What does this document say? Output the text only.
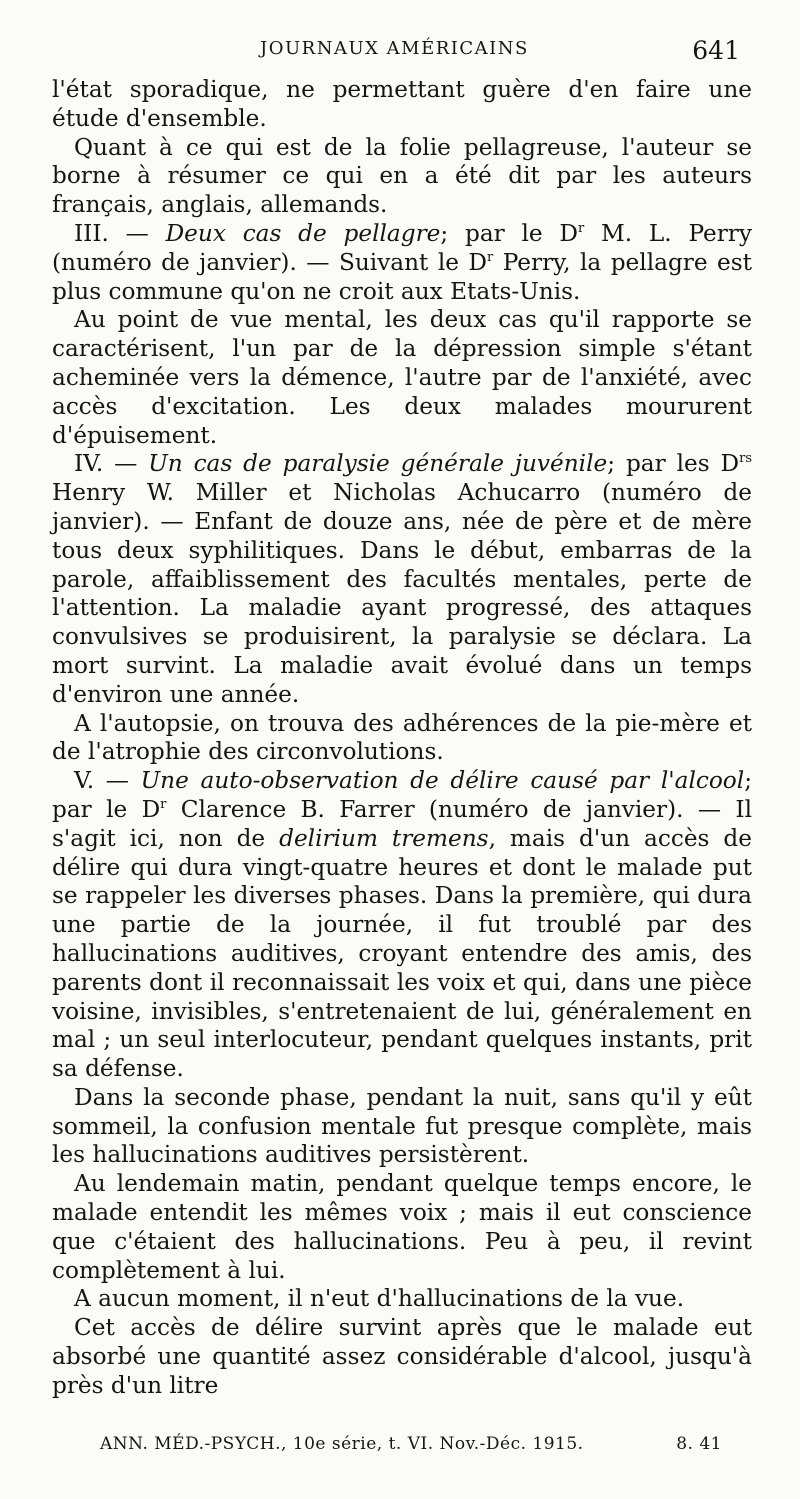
JOURNAUX AMÉRICAINS	641

l'état sporadique, ne permettant guère d'en faire une étude d'ensemble.

Quant à ce qui est de la folie pellagreuse, l'auteur se borne à résumer ce qui en a été dit par les auteurs français, anglais, allemands.

III. — Deux cas de pellagre; par le $D^r$ M. L. Perry (numéro de janvier). — Suivant le $D^r$ Perry, la pellagre est plus commune qu'on ne croit aux Etats-Unis.

Au point de vue mental, les deux cas qu'il rapporte se caractérisent, l'un par de la dépression simple s'étant acheminée vers la démence, l'autre par de l'anxiété, avec accès d'excitation. Les deux malades moururent d'épuisement.

IV. — Un cas de paralysie générale juvénile; par les $D^{rs}$ Henry W. Miller et Nicholas Achucarro (numéro de janvier). — Enfant de douze ans, née de père et de mère tous deux syphilitiques. Dans le début, embarras de la parole, affaiblissement des facultés mentales, perte de l'attention. La maladie ayant progressé, des attaques convulsives se produisirent, la paralysie se déclara. La mort survint. La maladie avait évolué dans un temps d'environ une année.

A l'autopsie, on trouva des adhérences de la pie-mère et de l'atrophie des circonvolutions.

V. — Une auto-observation de délire causé par l'alcool; par le $D^r$ Clarence B. Farrer (numéro de janvier). — Il s'agit ici, non de delirium tremens, mais d'un accès de délire qui dura vingt-quatre heures et dont le malade put se rappeler les diverses phases. Dans la première, qui dura une partie de la journée, il fut troublé par des hallucinations auditives, croyant entendre des amis, des parents dont il reconnaissait les voix et qui, dans une pièce voisine, invisibles, s'entretenaient de lui, généralement en mal ; un seul interlocuteur, pendant quelques instants, prit sa défense.

Dans la seconde phase, pendant la nuit, sans qu'il y eût sommeil, la confusion mentale fut presque complète, mais les hallucinations auditives persistèrent.

Au lendemain matin, pendant quelque temps encore, le malade entendit les mêmes voix ; mais il eut conscience que c'étaient des hallucinations. Peu à peu, il revint complètement à lui.

A aucun moment, il n'eut d'hallucinations de la vue.

Cet accès de délire survint après que le malade eut absorbé une quantité assez considérable d'alcool, jusqu'à près d'un litre

ANN. MÉD.-PSYCH., 10e série, t. VI. Nov.-Déc. 1915.	8. 41
